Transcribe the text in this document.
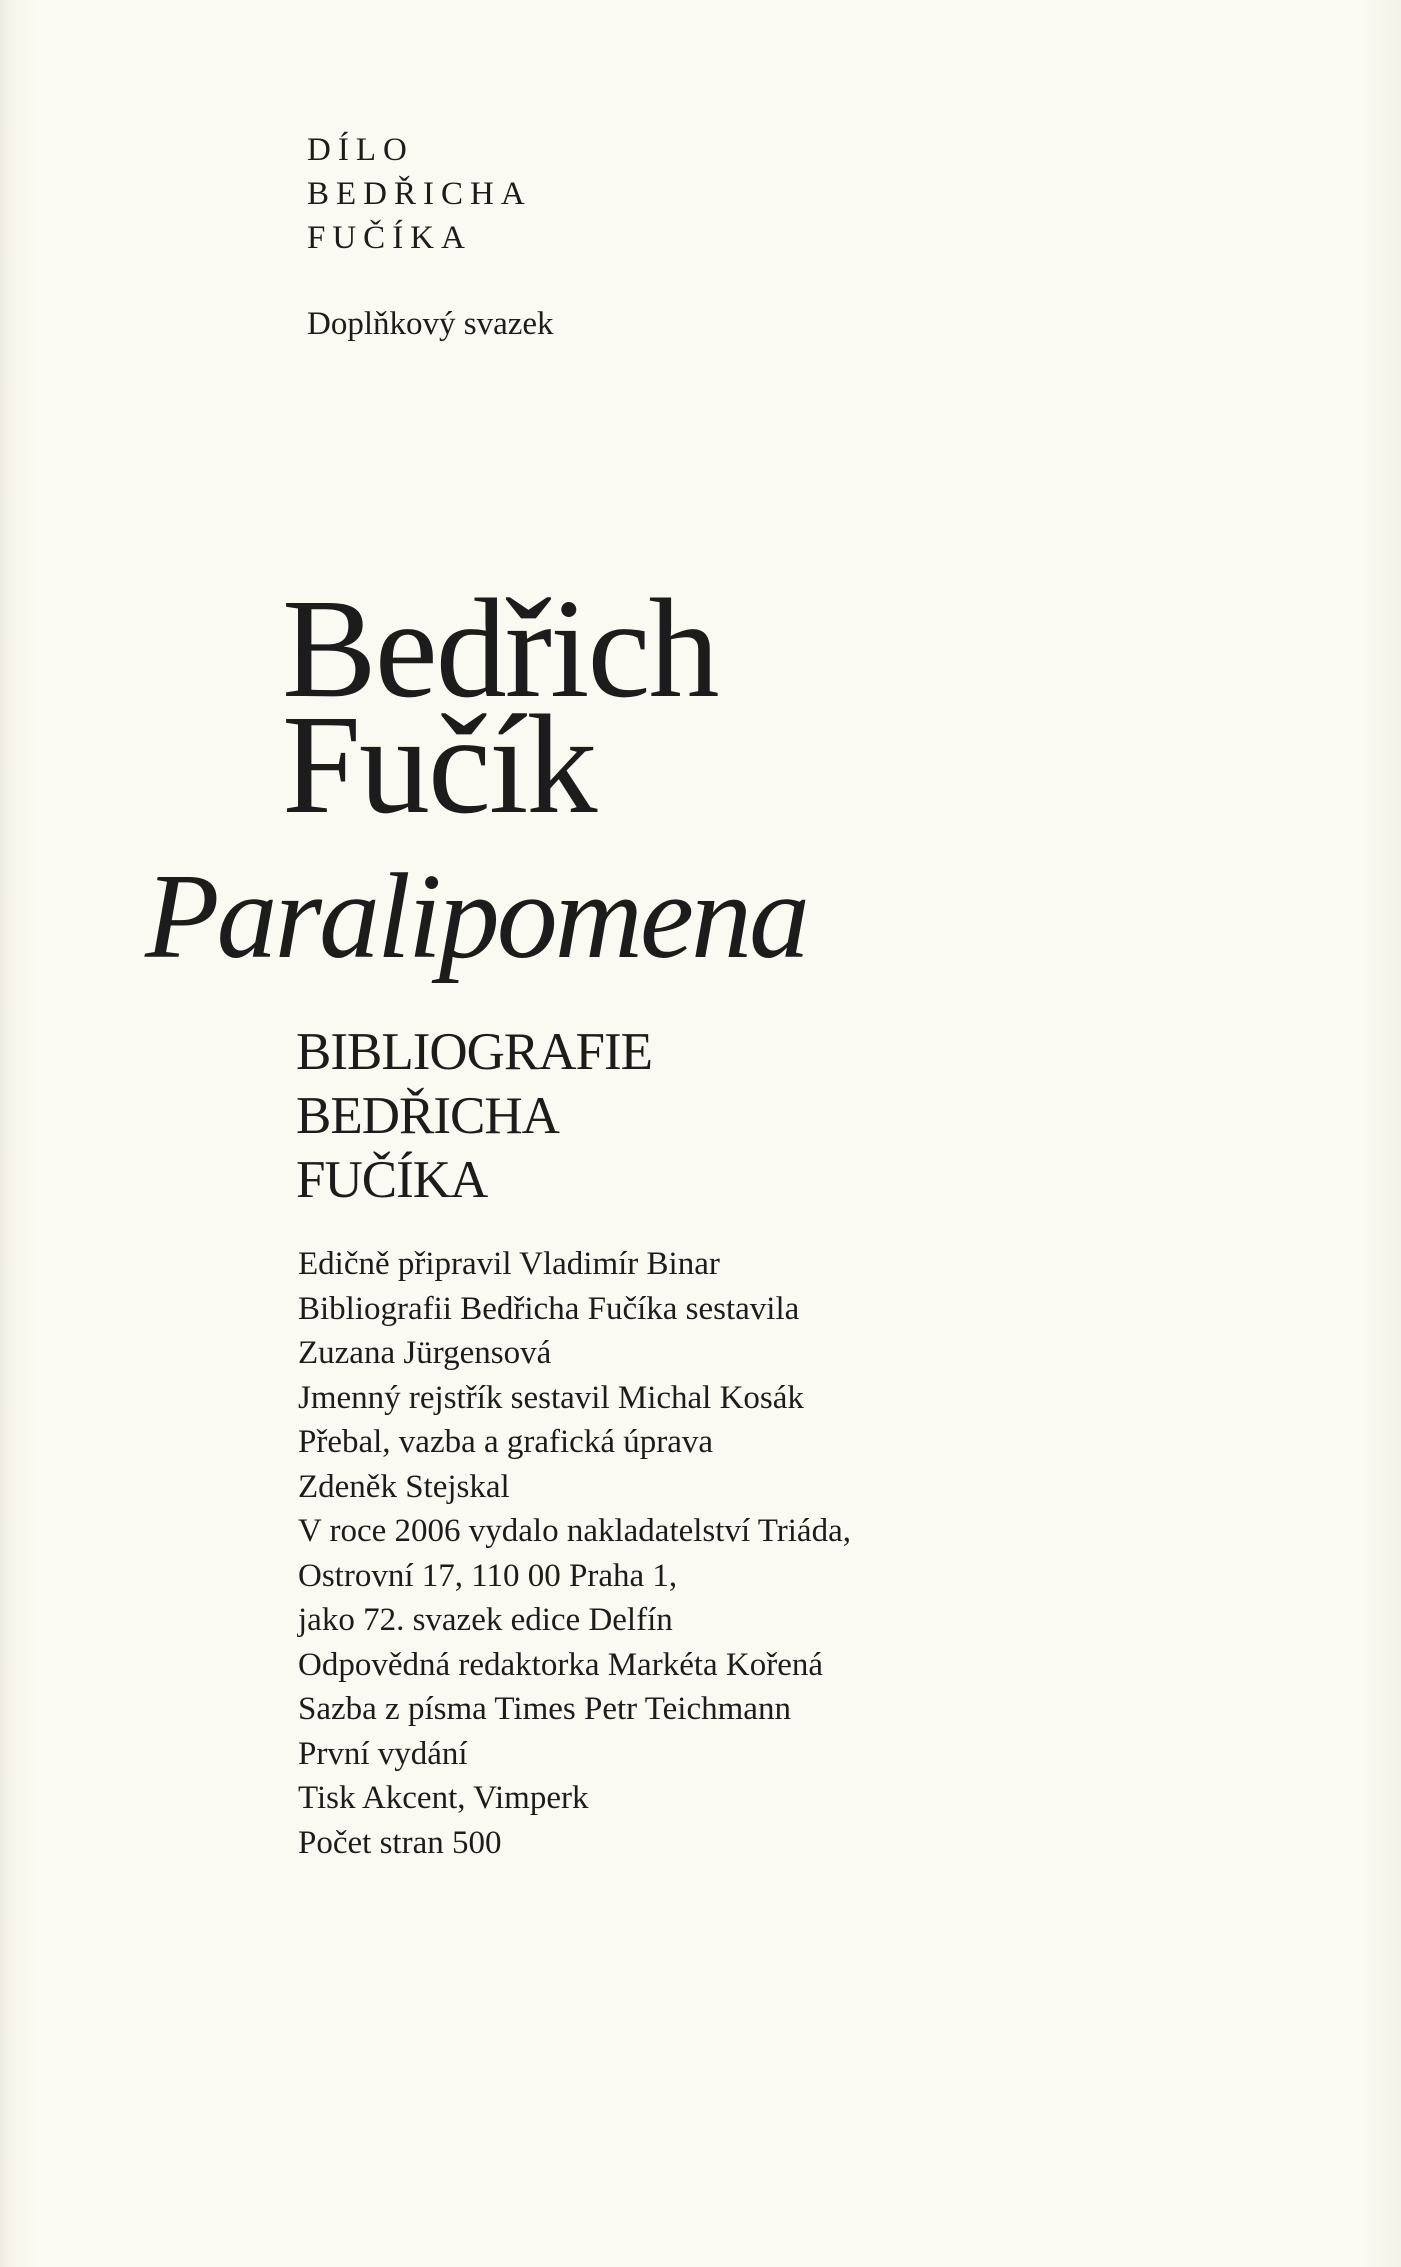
DÍLO

BEDŘICHA

FUČÍKA

Doplňkový svazek

Bedřich

Fučík

Paralipomena

BIBLIOGRAFIE

BEDŘICHA

FUČÍKA

Edičně připravil Vladimír Binar
Bibliografii Bedřicha Fučíka sestavila
Zuzana Jürgensová
Jmenný rejstřík sestavil Michal Kosák
Přebal, vazba a grafická úprava
Zdeněk Stejskal
V roce 2006 vydalo nakladatelství Triáda,
Ostrovní 17, 110 00 Praha 1,
jako 72. svazek edice Delfín
Odpovědná redaktorka Markéta Kořená
Sazba z písma Times Petr Teichmann
První vydání
Tisk Akcent, Vimperk
Počet stran 500
